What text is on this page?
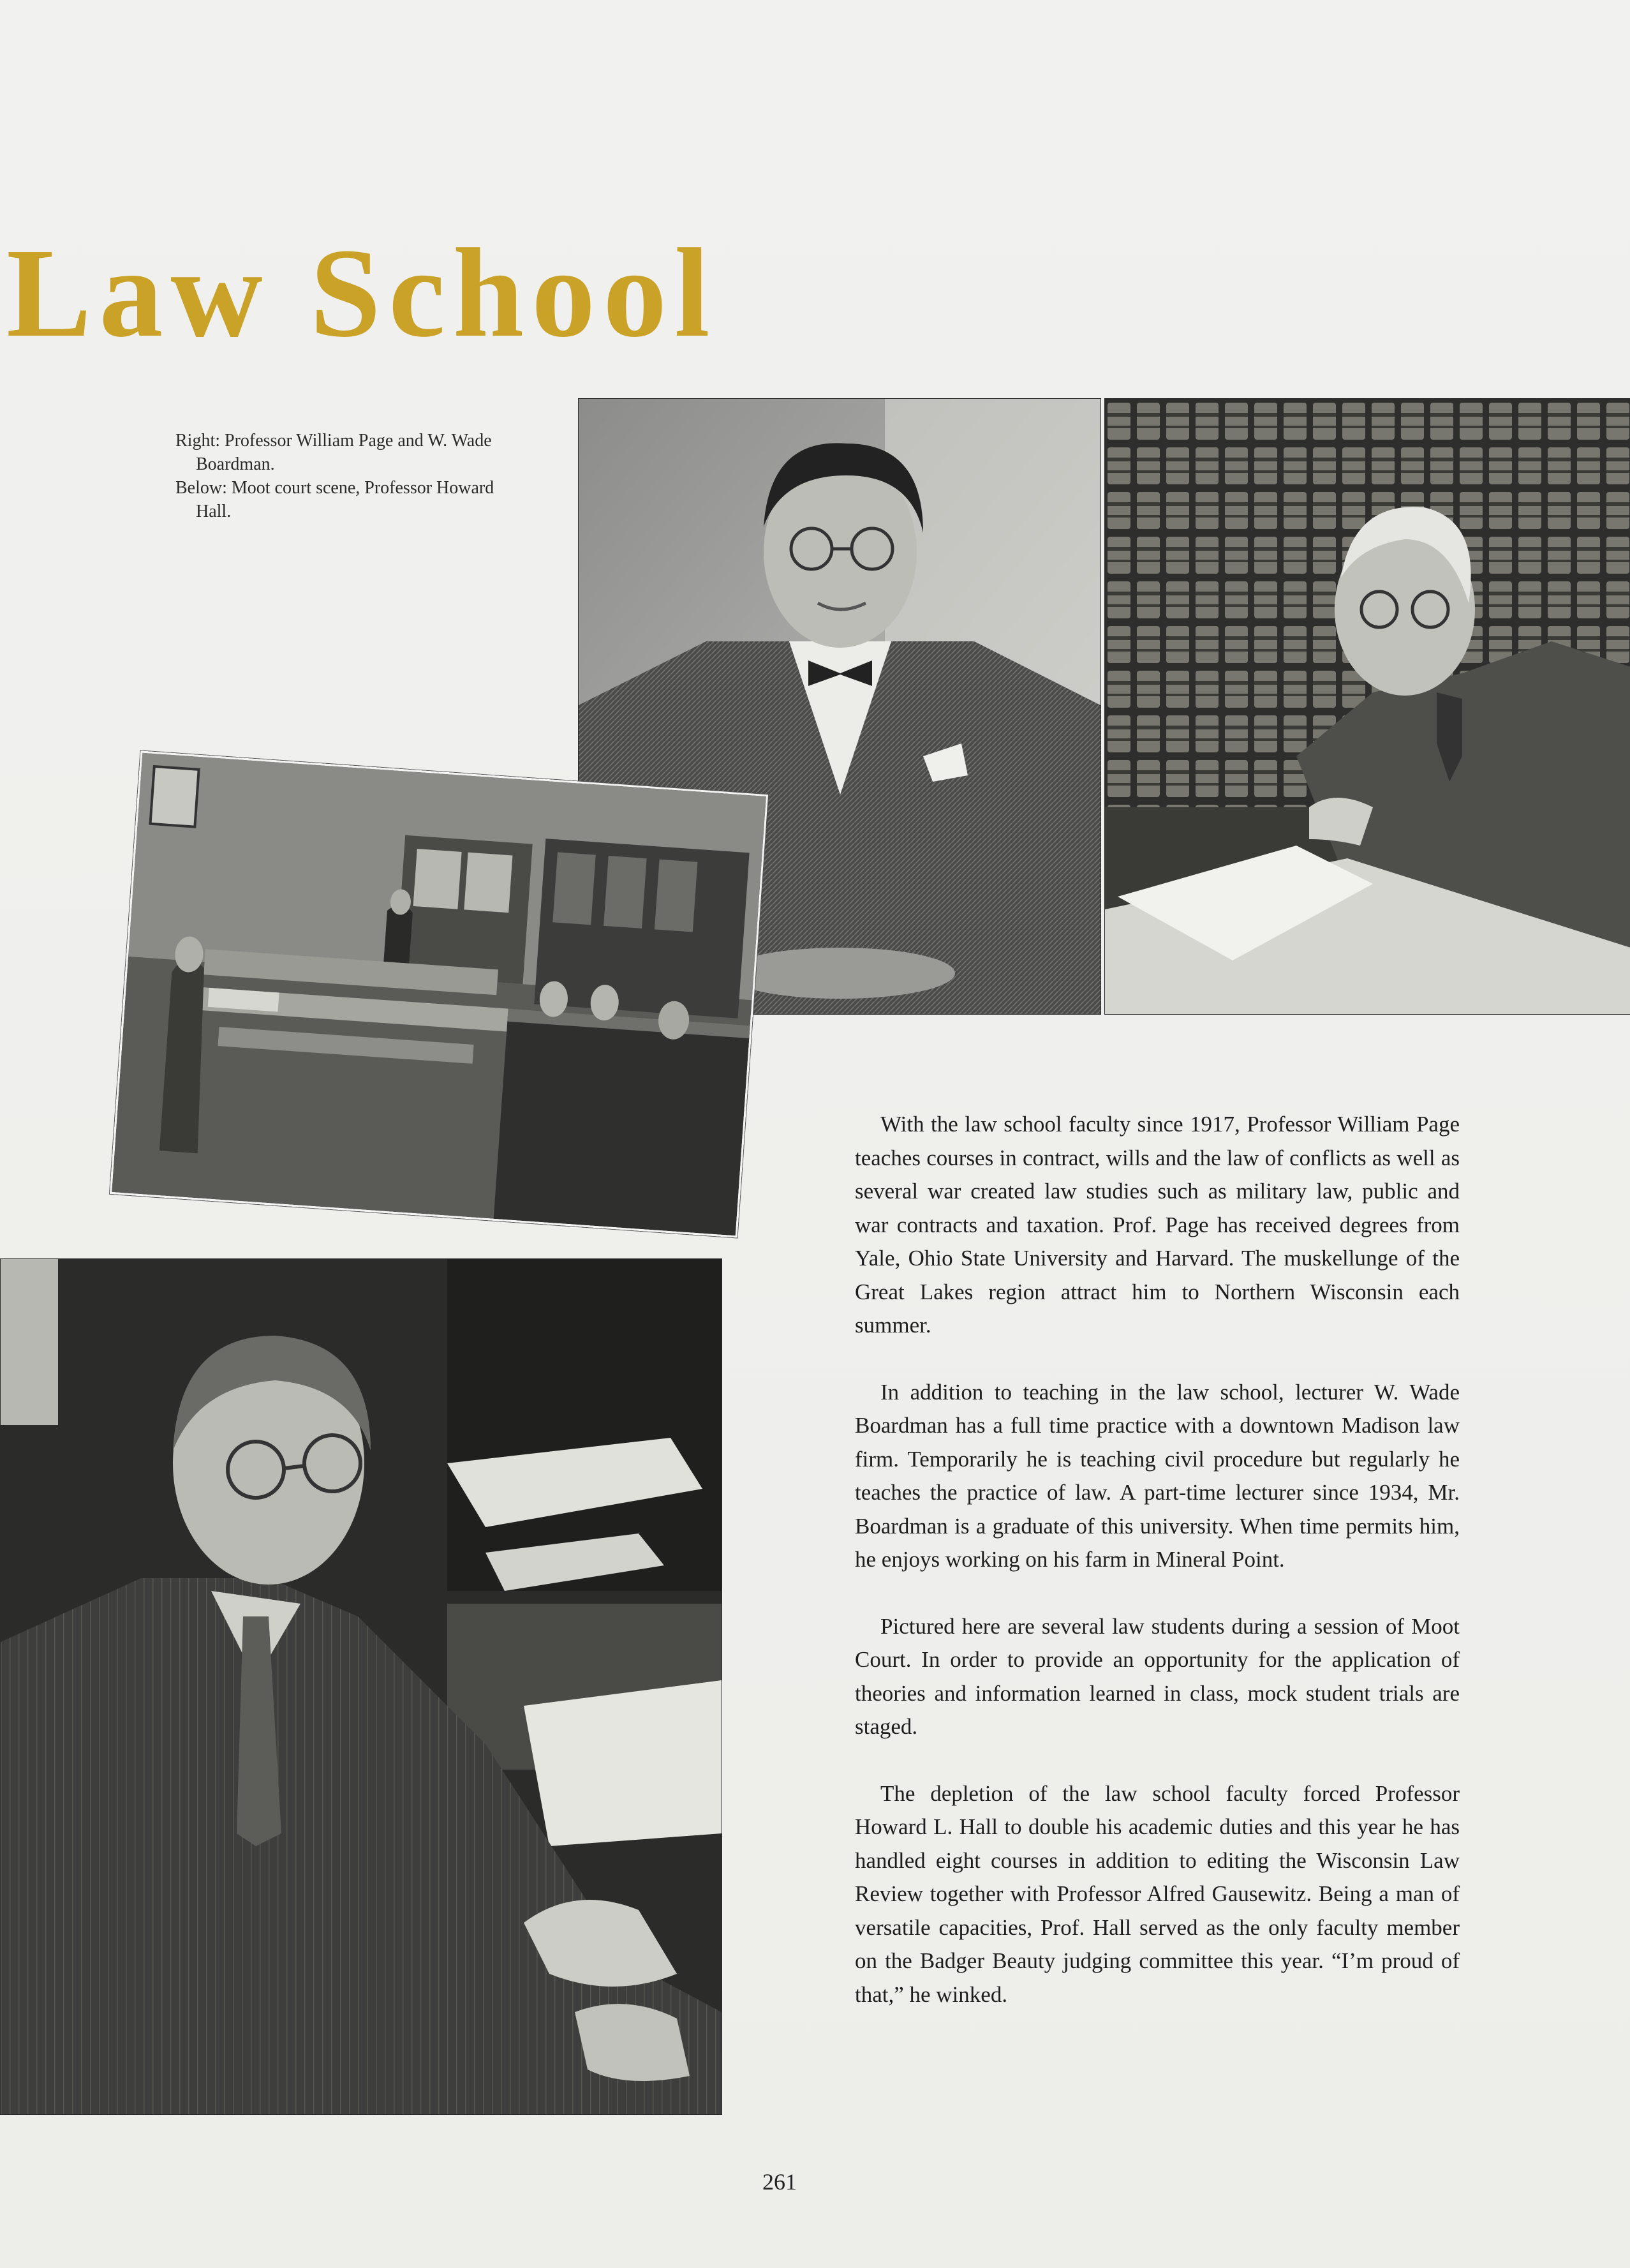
Law School

Right: Professor William Page and W. Wade Boardman.

Below: Moot court scene, Professor Howard Hall.

With the law school faculty since 1917, Professor William Page teaches courses in contract, wills and the law of conflicts as well as several war created law studies such as military law, public and war contracts and taxation. Prof. Page has received degrees from Yale, Ohio State University and Harvard. The muskellunge of the Great Lakes region attract him to Northern Wisconsin each summer.

In addition to teaching in the law school, lecturer W. Wade Boardman has a full time practice with a downtown Madison law firm. Temporarily he is teaching civil procedure but regularly he teaches the practice of law. A part-time lecturer since 1934, Mr. Boardman is a graduate of this university. When time permits him, he enjoys working on his farm in Mineral Point.

Pictured here are several law students during a session of Moot Court. In order to provide an opportunity for the application of theories and information learned in class, mock student trials are staged.

The depletion of the law school faculty forced Professor Howard L. Hall to double his academic duties and this year he has handled eight courses in addition to editing the Wisconsin Law Review together with Professor Alfred Gausewitz. Being a man of versatile capacities, Prof. Hall served as the only faculty member on the Badger Beauty judging committee this year. “I’m proud of that,” he winked.

261
